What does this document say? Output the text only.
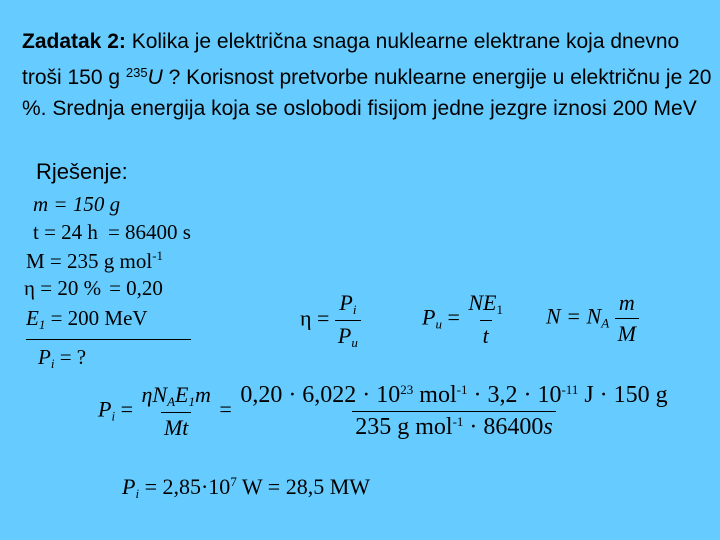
Zadatak 2: Kolika je električna snaga nuklearne elektrane koja dnevno troši 150 g $^{235}$U ? Korisnost pretvorbe nuklearne energije u električnu je 20 %. Srednja energija koja se oslobodi fisijom jedne jezgre iznosi 200 MeV
Rješenje:
m = 150 g
t = 24 h = 86400 s
M = 235 g mol$^{-1}$
η = 20 % = 0,20
$E_1 = 200$ MeV
$P_i$ = ?
$\eta = \frac{P_i}{P_u}$	$P_u = \frac{NE_1}{t}$ $N = N_A \frac{m}{M}$
$P_i = \frac{\eta N_AE_1m}{Mt} = \frac{0,20 \cdot 6,022 \cdot 10^{23} mol^{-1} \cdot 3,2 \cdot 10^{-11} J \cdot 150 g}{235 g mol^{-1} \cdot 86400s}$
$P_i = 2,85\cdot 10^7$ W = 28,5 MW
